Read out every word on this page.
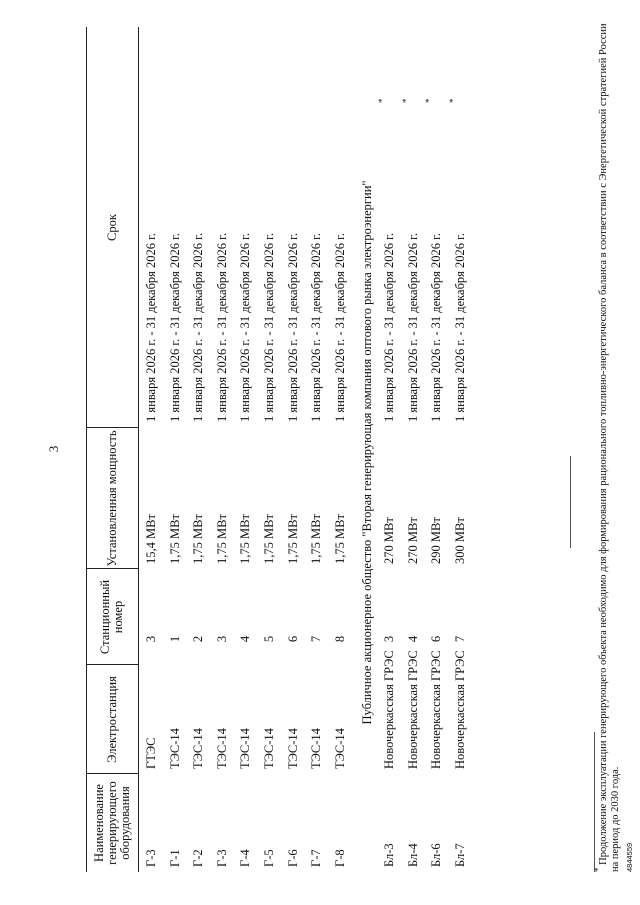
3
Наименование генерирующего оборудования
Электростанция
Станционный номер
Установленная мощность
Срок
Г-3
ГТЭС
3
15,4 МВт
1 января 2026 г. - 31 декабря 2026 г.
Г-1
ТЭС-14
1
1,75 МВт
1 января 2026 г. - 31 декабря 2026 г.
Г-2
ТЭС-14
2
1,75 МВт
1 января 2026 г. - 31 декабря 2026 г.
Г-3
ТЭС-14
3
1,75 МВт
1 января 2026 г. - 31 декабря 2026 г.
Г-4
ТЭС-14
4
1,75 МВт
1 января 2026 г. - 31 декабря 2026 г.
Г-5
ТЭС-14
5
1,75 МВт
1 января 2026 г. - 31 декабря 2026 г.
Г-6
ТЭС-14
6
1,75 МВт
1 января 2026 г. - 31 декабря 2026 г.
Г-7
ТЭС-14
7
1,75 МВт
1 января 2026 г. - 31 декабря 2026 г.
Г-8
ТЭС-14
8
1,75 МВт
1 января 2026 г. - 31 декабря 2026 г. Публичное акционерное общество "Вторая генерирующая компания оптового рынка электроэнергии"
Бл-3
Новочеркасская ГРЭС
3
270 МВт
1 января 2026 г. - 31 декабря 2026 г.
*
Бл-4
Новочеркасская ГРЭС
4
270 МВт
1 января 2026 г. - 31 декабря 2026 г.
*
Бл-6
Новочеркасская ГРЭС
6
290 МВт
1 января 2026 г. - 31 декабря 2026 г.
*
Бл-7
Новочеркасская ГРЭС
7
300 МВт
1 января 2026 г. - 31 декабря 2026 г.
*
* Продолжение эксплуатации генерирующего объекта необходимо для формирования рационального топливно-энергетического баланса в соответствии с Энергетической стратегией России на период до 2030 года. 4844559
